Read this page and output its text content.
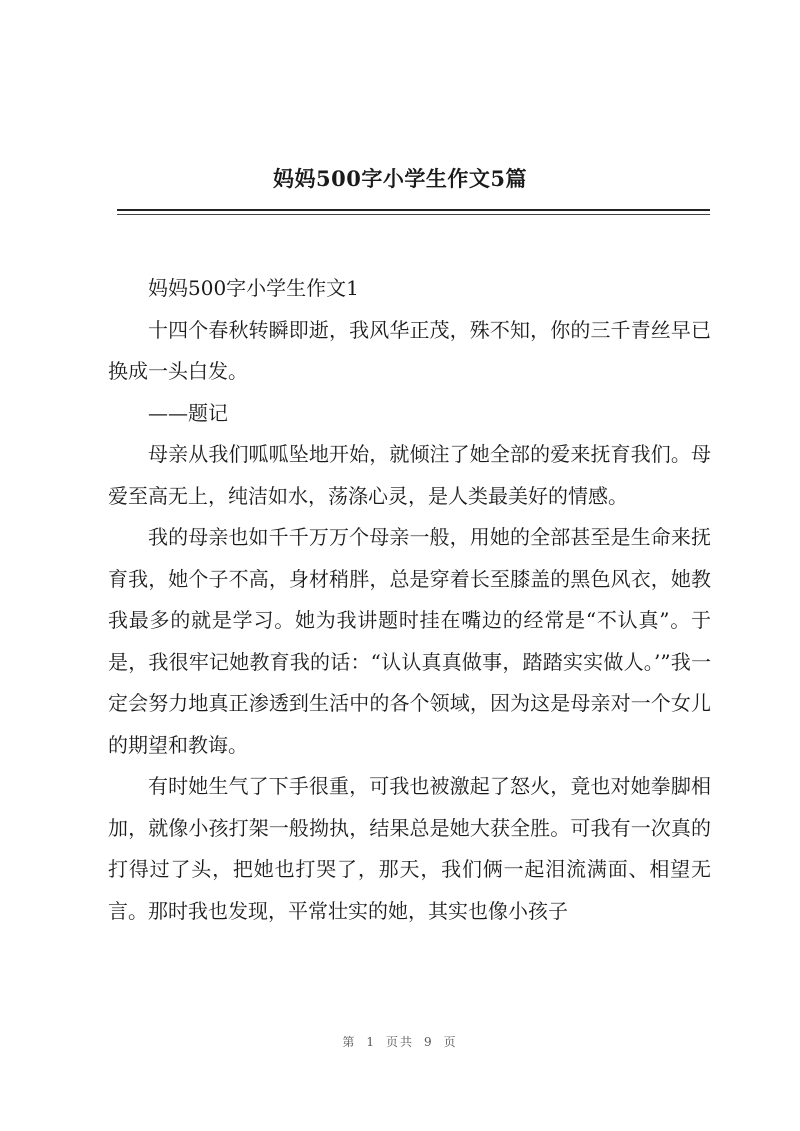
妈妈500字小学生作文5篇

妈妈500字小学生作文1

十四个春秋转瞬即逝，我风华正茂，殊不知，你的三千青丝早已换成一头白发。

——题记

母亲从我们呱呱坠地开始，就倾注了她全部的爱来抚育我们。母爱至高无上，纯洁如水，荡涤心灵，是人类最美好的情感。

我的母亲也如千千万万个母亲一般，用她的全部甚至是生命来抚育我，她个子不高，身材稍胖，总是穿着长至膝盖的黑色风衣，她教我最多的就是学习。她为我讲题时挂在嘴边的经常是“不认真”。于是，我很牢记她教育我的话：“认认真真做事，踏踏实实做人。’”我一定会努力地真正渗透到生活中的各个领域，因为这是母亲对一个女儿的期望和教诲。

有时她生气了下手很重，可我也被激起了怒火，竟也对她拳脚相加，就像小孩打架一般拗执，结果总是她大获全胜。可我有一次真的打得过了头，把她也打哭了，那天，我们俩一起泪流满面、相望无言。那时我也发现，平常壮实的她，其实也像小孩子

第 1 页共 9 页
